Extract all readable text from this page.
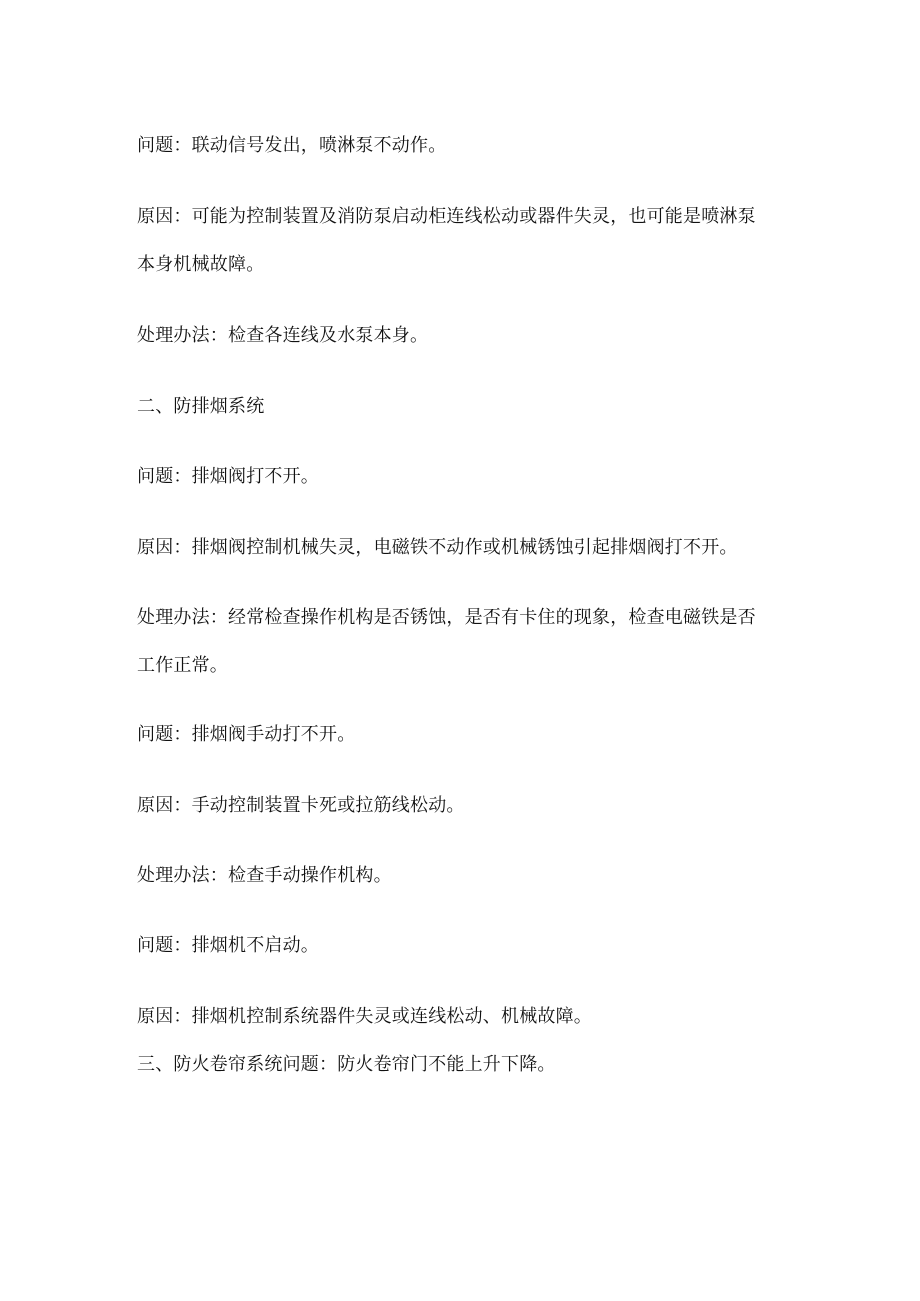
问题：联动信号发出，喷淋泵不动作。
原因：可能为控制装置及消防泵启动柜连线松动或器件失灵，也可能是喷淋泵
本身机械故障。
处理办法：检查各连线及水泵本身。
二、防排烟系统
问题：排烟阀打不开。
原因：排烟阀控制机械失灵，电磁铁不动作或机械锈蚀引起排烟阀打不开。
处理办法：经常检查操作机构是否锈蚀，是否有卡住的现象，检查电磁铁是否
工作正常。
问题：排烟阀手动打不开。
原因：手动控制装置卡死或拉筋线松动。
处理办法：检查手动操作机构。
问题：排烟机不启动。
原因：排烟机控制系统器件失灵或连线松动、机械故障。
三、防火卷帘系统问题：防火卷帘门不能上升下降。
